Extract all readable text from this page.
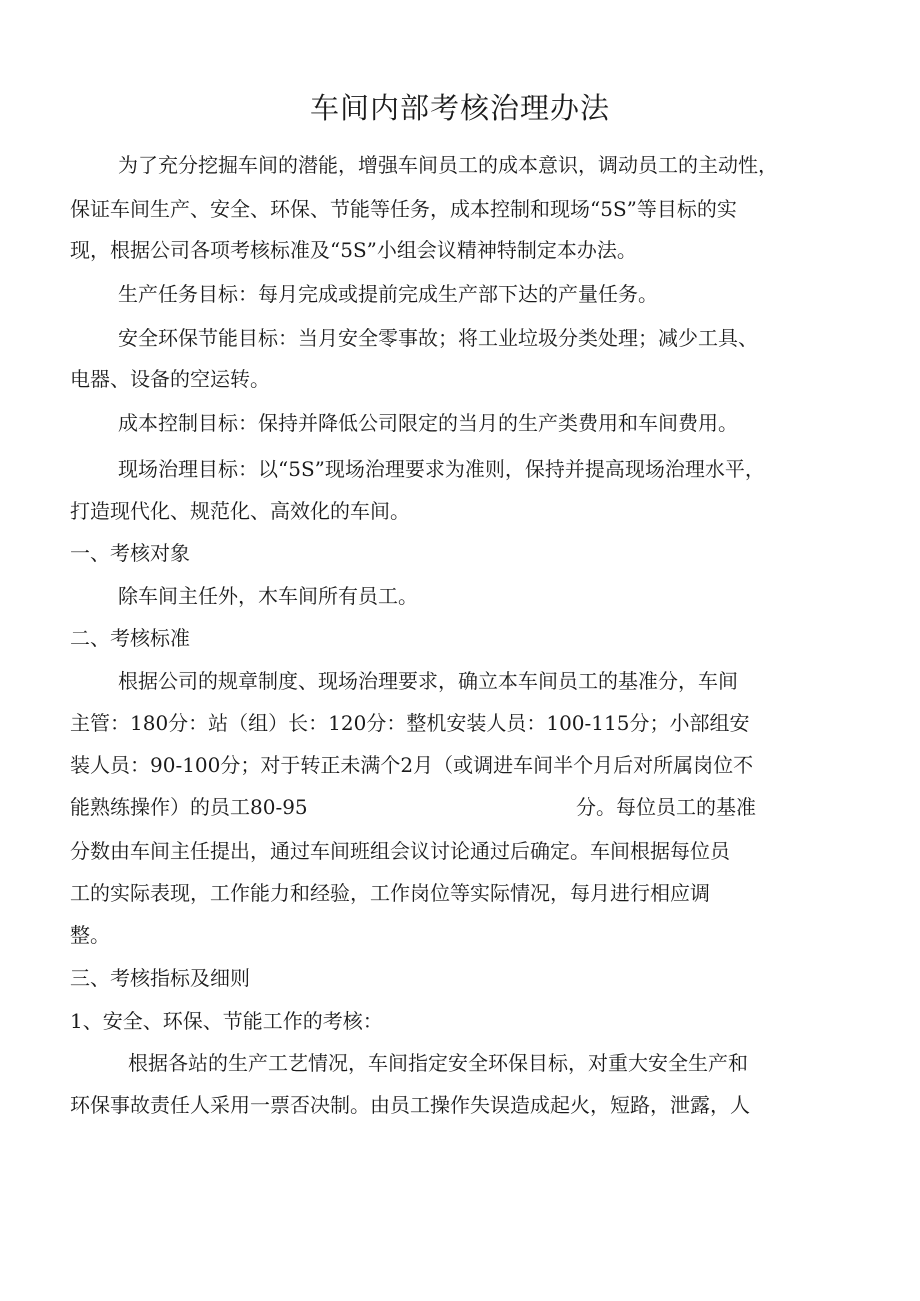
车间内部考核治理办法
为了充分挖掘车间的潜能，增强车间员工的成本意识，调动员工的主动性，
保证车间生产、安全、环保、节能等任务，成本控制和现场“5S”等目标的实
现，根据公司各项考核标准及“5S”小组会议精神特制定本办法。
生产任务目标：每月完成或提前完成生产部下达的产量任务。
安全环保节能目标：当月安全零事故；将工业垃圾分类处理；减少工具、
电器、设备的空运转。
成本控制目标：保持并降低公司限定的当月的生产类费用和车间费用。
现场治理目标：以“5S”现场治理要求为准则，保持并提高现场治理水平，
打造现代化、规范化、高效化的车间。
一、考核对象
除车间主任外，木车间所有员工。
二、考核标准
根据公司的规章制度、现场治理要求，确立本车间员工的基准分，车间
主管：180分：站（组）长：120分：整机安装人员：100-115分；小部组安
装人员：90-100分；对于转正未满个2月（或调进车间半个月后对所属岗位不
能熟练操作）的员工80-95	分。每位员工的基准
分数由车间主任提出，通过车间班组会议讨论通过后确定。车间根据每位员
工的实际表现，工作能力和经验，工作岗位等实际情况，每月进行相应调
整。
三、考核指标及细则
1、安全、环保、节能工作的考核：
根据各站的生产工艺情况，车间指定安全环保目标，对重大安全生产和
环保事故责任人采用一票否决制。由员工操作失误造成起火，短路，泄露，人
